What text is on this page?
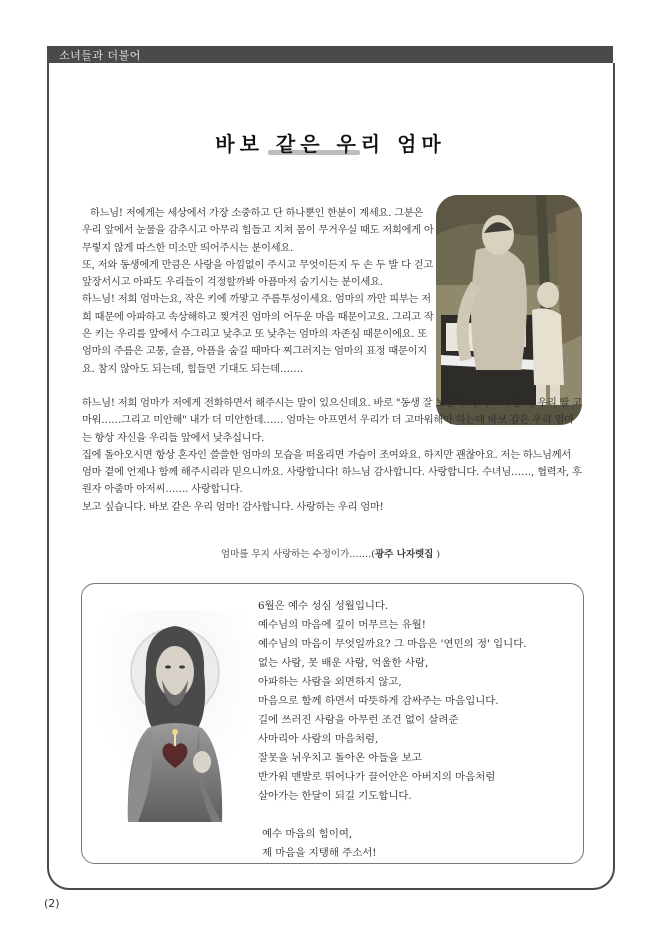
소녀들과 더불어
바보 같은 우리 엄마

하느님! 저에게는 세상에서 가장 소중하고 단 하나뿐인 한분이 계세요. 그분은 우리 앞에서 눈물을 감추시고 아무리 힘들고 지쳐 몸이 무거우실 때도 저희에게 아무렇지 않게 따스한 미소만 띄어주시는 분이세요.

또, 저와 동생에게 만큼은 사랑을 아낌없이 주시고 무엇이든지 두 손 두 발 다 걷고 앞장서시고 아파도 우리들이 걱정할까봐 아픔마저 숨기시는 분이세요.

하느님! 저희 엄마는요, 작은 키에 까맣고 주름투성이세요. 엄마의 까만 피부는 저희 때문에 아파하고 속상해하고 찢겨진 엄마의 어두운 마음 때문이고요. 그리고 작은 키는 우리를 앞에서 수그리고 낮추고 또 낮추는 엄마의 자존심 때문이에요. 또 엄마의 주름은 고통, 슬픔, 아픔을 숨길 때마다 찌그러지는 엄마의 표정 때문이지요. 참지 않아도 되는데, 힘들면 기대도 되는데…….

하느님! 저희 엄마가 저에게 전화하면서 해주시는 말이 있으신데요. 바로 "동생 잘 보살피고, 아프지 말고, 우리 딸 고마워……그리고 미안해" 내가 더 미안한데…… 엄마는 아프면서 우리가 더 고마워해야 하는데 바보 같은 우리 엄마는 항상 자신을 우리들 앞에서 낮추십니다.

집에 돌아오시면 항상 혼자인 쓸쓸한 엄마의 모습을 떠올리면 가슴이 조여와요. 하지만 괜찮아요. 저는 하느님께서 엄마 곁에 언제나 함께 해주시리라 믿으니까요. 사랑합니다! 하느님 감사합니다. 사랑합니다. 수녀님……, 협력자, 후원자 아줌마 아저씨……. 사랑합니다.

보고 싶습니다. 바보 같은 우리 엄마! 감사합니다. 사랑하는 우리 엄마!

엄마를 무지 사랑하는 수정이가…….(광주 나자렛집 )

6월은 예수 성심 성월입니다.

예수님의 마음에 깊이 머무르는 유월!

예수님의 마음이 무엇일까요? 그 마음은 '연민의 정' 입니다.

없는 사람, 못 배운 사람, 억울한 사람,

아파하는 사람을 외면하지 않고,

마음으로 함께 하면서 따뜻하게 감싸주는 마음입니다.

길에 쓰러진 사람을 아무런 조건 없이 살려준

사마리아 사람의 마음처럼,

잘못을 뉘우치고 돌아온 아들을 보고

반가워 맨발로 뛰어나가 끌어안은 아버지의 마음처럼

살아가는 한달이 되길 기도합니다.

예수 마음의 힘이여,

제 마음을 지탱해 주소서!

(2)
